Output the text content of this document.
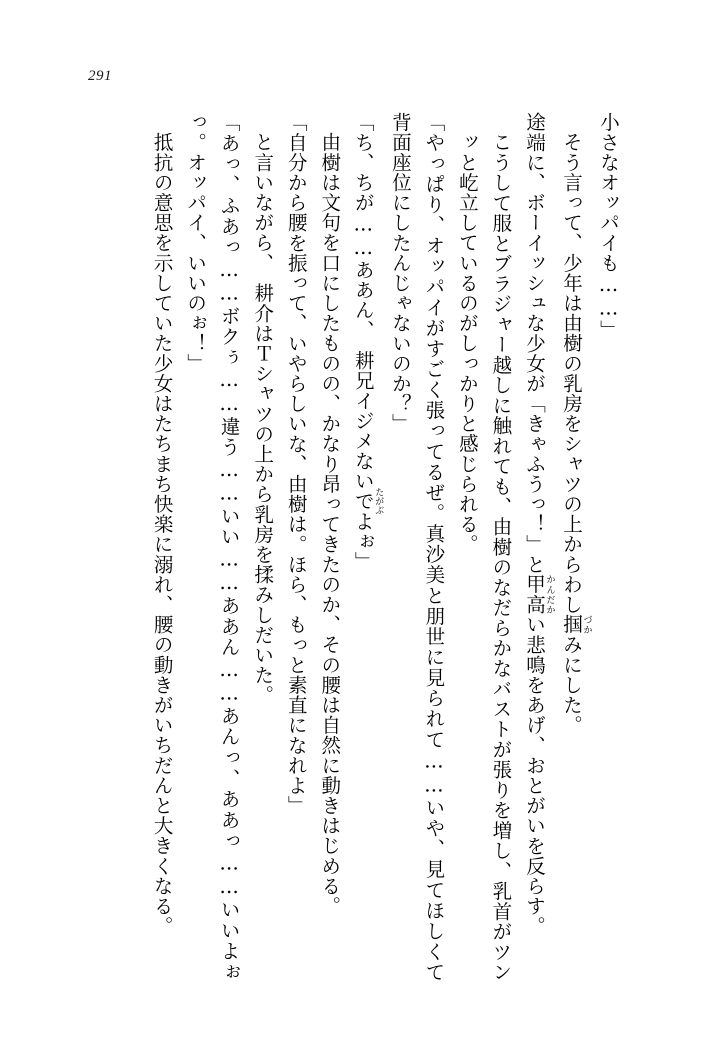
291

小さなオッパイも……」

そう言って、少年は由樹の乳房をシャツの上からわし掴づかみにした。

途端に、ボーイッシュな少女が「きゃふうっ！」と甲高かんだかい悲鳴をあげ、おとがいを反らす。

こうして服とブラジャー越しに触れても、由樹のなだらかなバストが張りを増し、乳首がツンッと屹立しているのがしっかりと感じられる。

「やっぱり、オッパイがすごく張ってるぜ。真沙美と朋世に見られて……いや、見てほしくて背面座位にしたんじゃないのか？」

「ち、ちが……ああん、　耕兄イジメないでたがぶよぉ」

由樹は文句を口にしたものの、かなり昂ってきたのか、その腰は自然に動きはじめる。

「自分から腰を振って、いやらしいな、由樹は。ほら、もっと素直になれよ」

と言いながら、　耕介はＴシャツの上から乳房を揉みしだいた。

「あっ、ふあっ……ボクぅ……違う……いい……ああん……あんっ、ああっ……いいよぉっ。オッパイ、いいのぉ！」

抵抗の意思を示していた少女はたちまち快楽に溺れ、腰の動きがいちだんと大きくなる。
